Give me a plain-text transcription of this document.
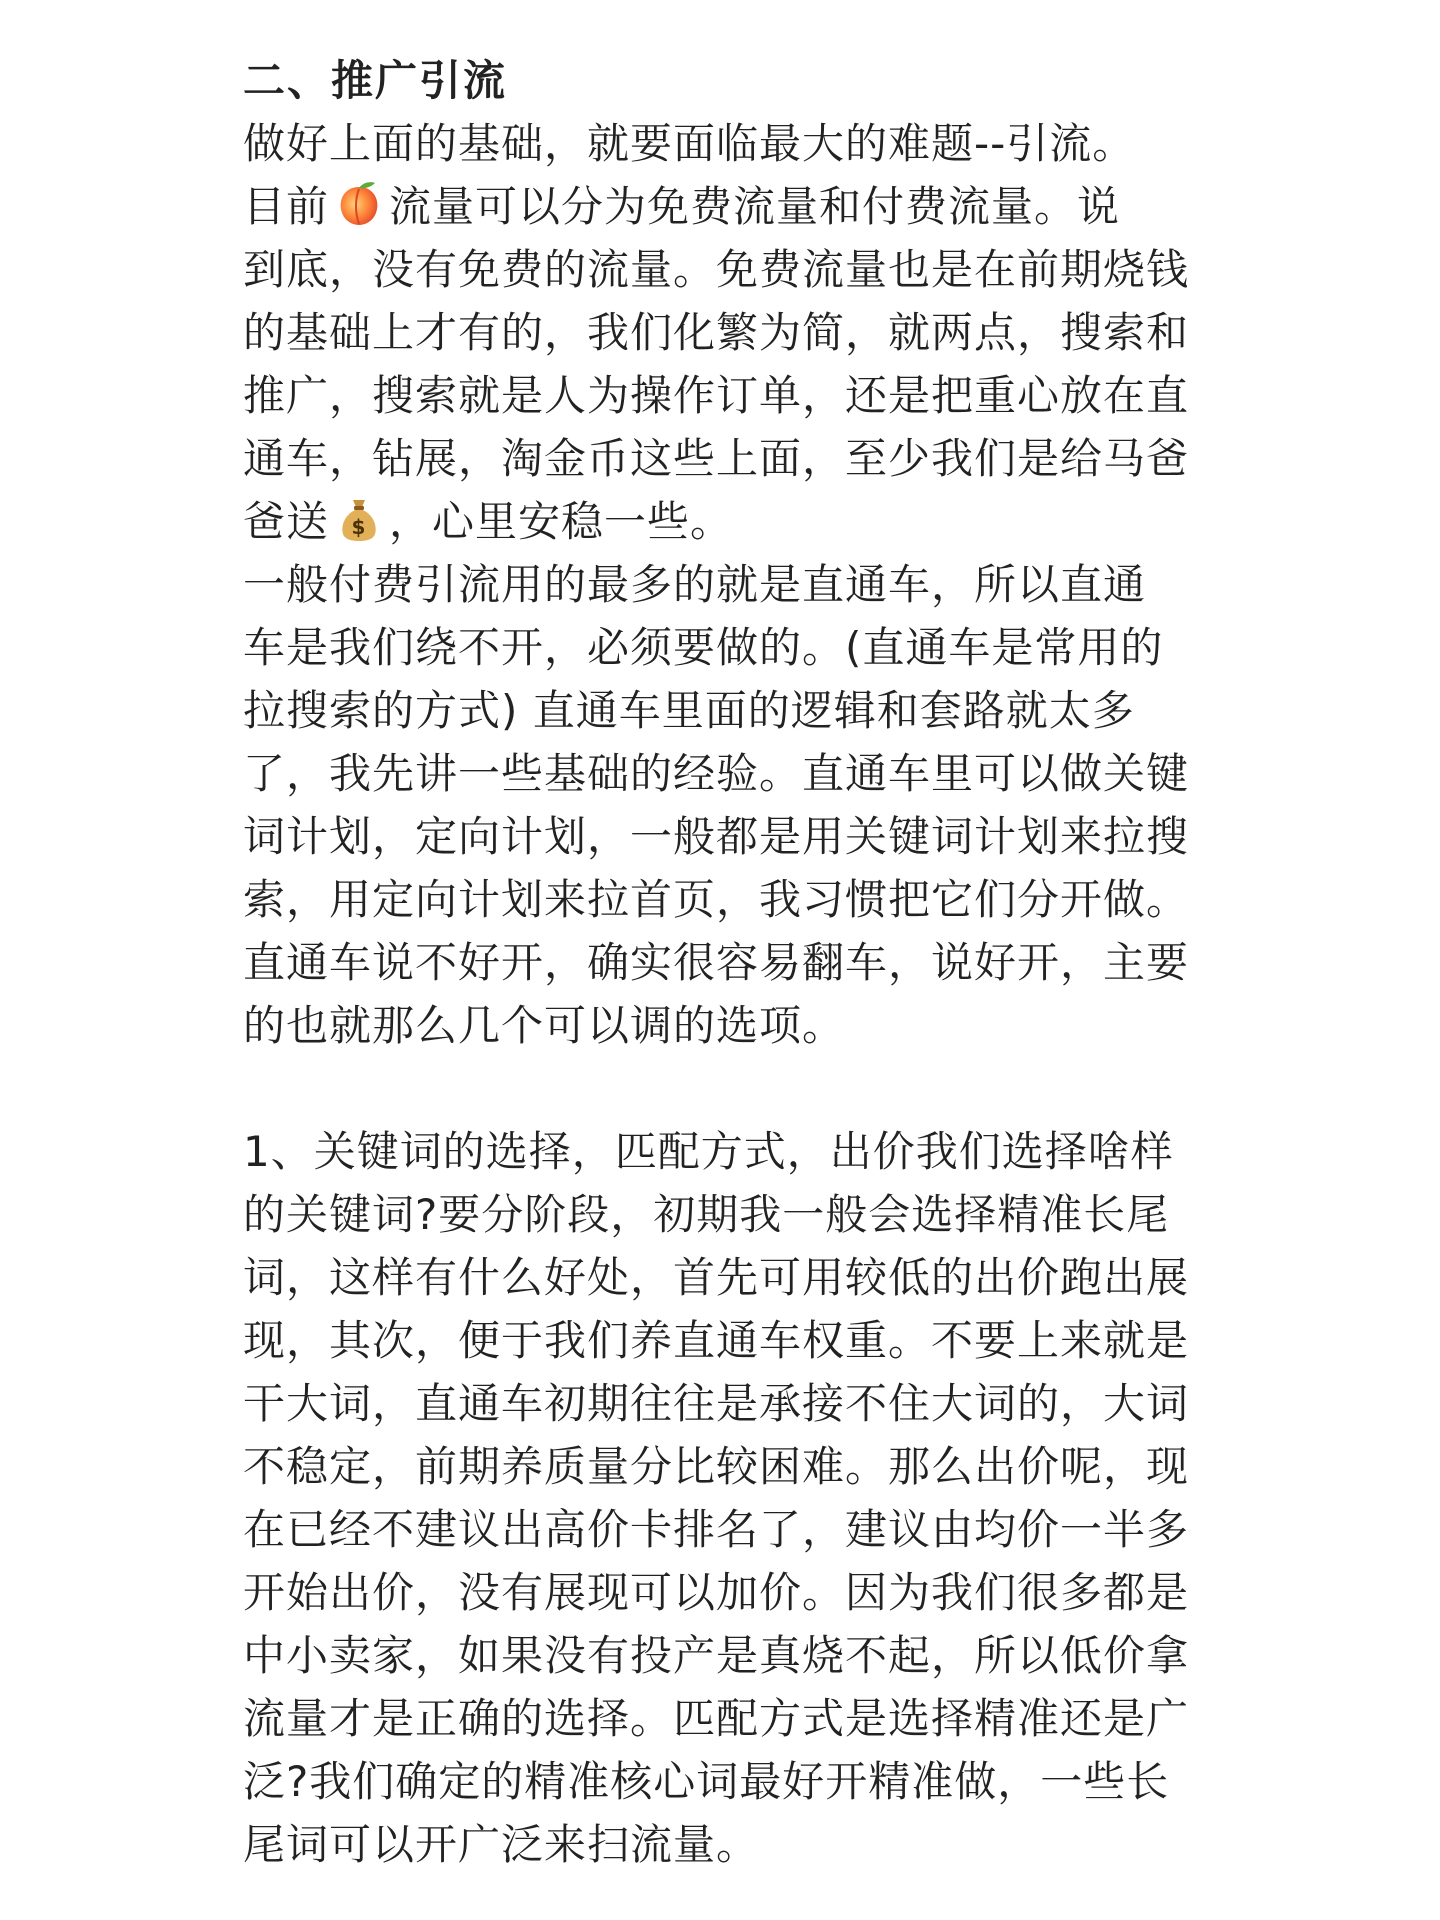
二、推广引流
做好上面的基础，就要面临最大的难题--引流。
目前 流量可以分为免费流量和付费流量。说
到底，没有免费的流量。免费流量也是在前期烧钱
的基础上才有的，我们化繁为简，就两点，搜索和
推广，搜索就是人为操作订单，还是把重心放在直
通车，钻展，淘金币这些上面，至少我们是给马爸
爸送 $ ，心里安稳一些。
一般付费引流用的最多的就是直通车，所以直通
车是我们绕不开，必须要做的。(直通车是常用的
拉搜索的方式) 直通车里面的逻辑和套路就太多
了，我先讲一些基础的经验。直通车里可以做关键
词计划，定向计划，一般都是用关键词计划来拉搜
索，用定向计划来拉首页，我习惯把它们分开做。
直通车说不好开，确实很容易翻车，说好开，主要
的也就那么几个可以调的选项。
1、关键词的选择，匹配方式，出价我们选择啥样
的关键词?要分阶段，初期我一般会选择精准长尾
词，这样有什么好处，首先可用较低的出价跑出展
现，其次，便于我们养直通车权重。不要上来就是
干大词，直通车初期往往是承接不住大词的，大词
不稳定，前期养质量分比较困难。那么出价呢，现
在已经不建议出高价卡排名了，建议由均价一半多
开始出价，没有展现可以加价。因为我们很多都是
中小卖家，如果没有投产是真烧不起，所以低价拿
流量才是正确的选择。匹配方式是选择精准还是广
泛?我们确定的精准核心词最好开精准做，一些长
尾词可以开广泛来扫流量。
